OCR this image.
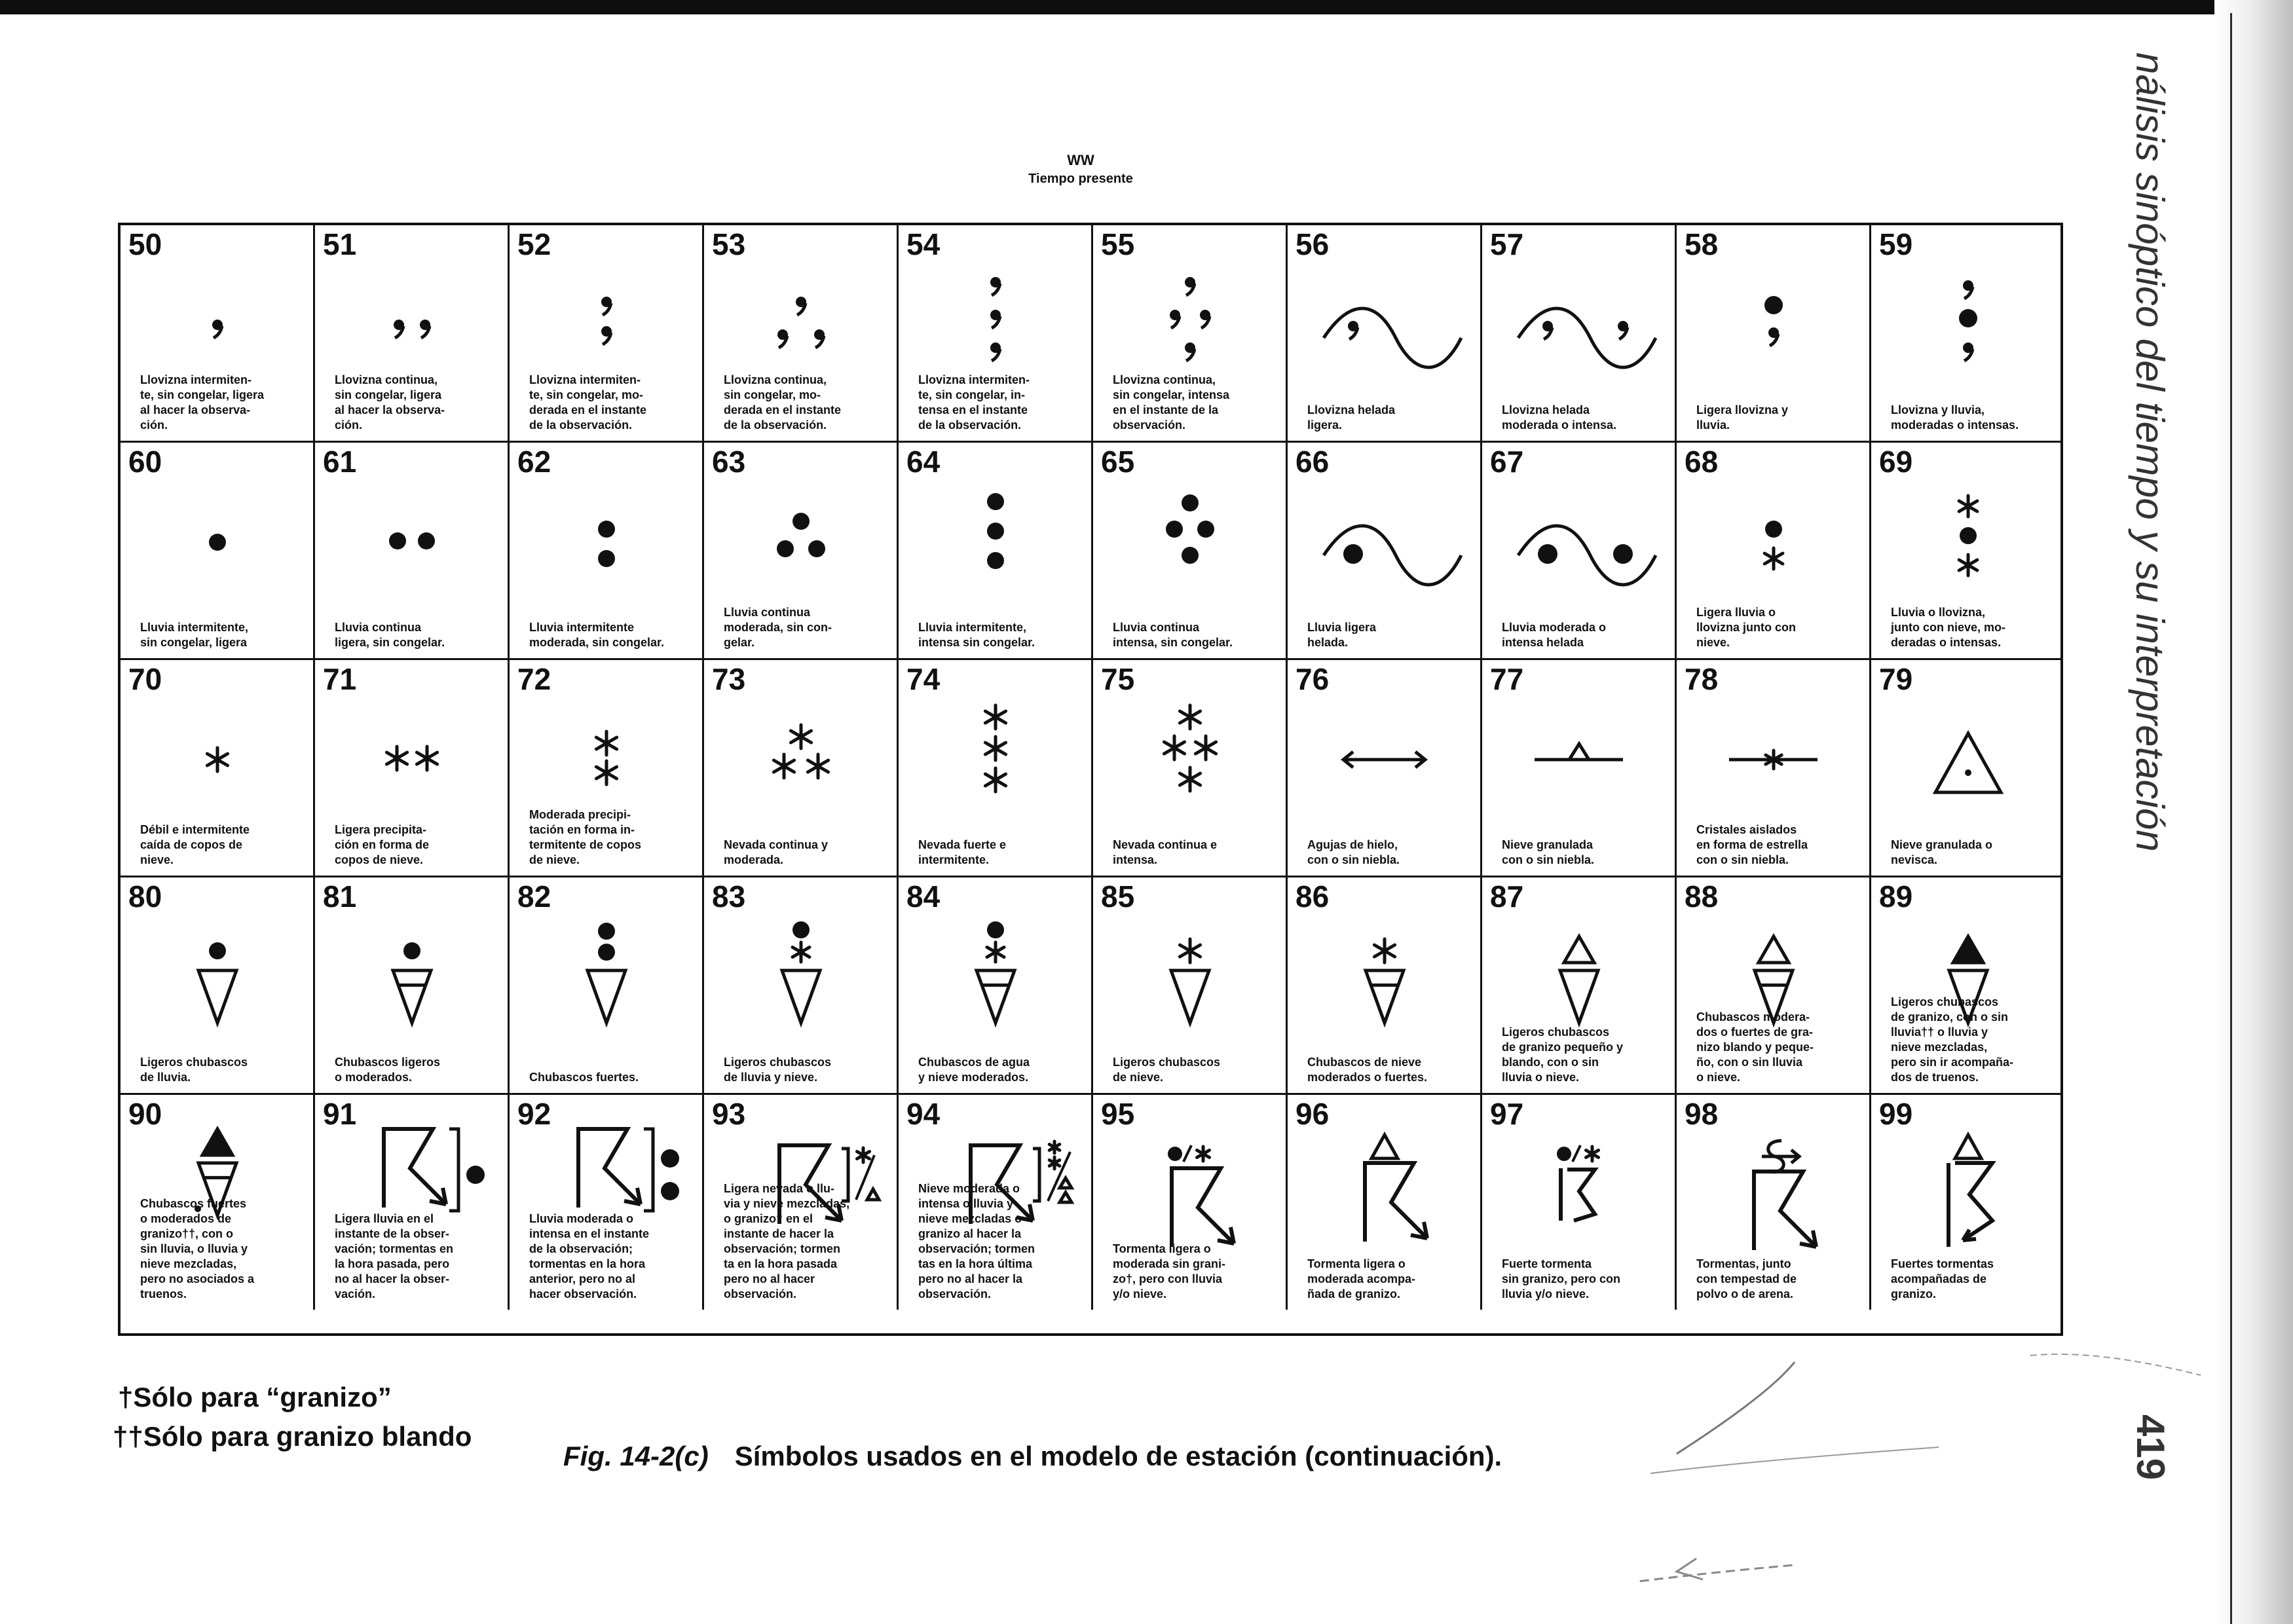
WW
Tiempo presente
50
Llovizna intermiten-
te, sin congelar, ligera
al hacer la observa-
ción.
51
Llovizna continua,
sin congelar, ligera
al hacer la observa-
ción.
52
Llovizna intermiten-
te, sin congelar, mo-
derada en el instante
de la observación.
53
Llovizna continua,
sin congelar, mo-
derada en el instante
de la observación.
54
Llovizna intermiten-
te, sin congelar, in-
tensa en el instante
de la observación.
55
Llovizna continua,
sin congelar, intensa
en el instante de la
observación.
56
Llovizna helada
ligera.
57
Llovizna helada
moderada o intensa.
58
Ligera llovizna y
lluvia.
59
Llovizna y lluvia,
moderadas o intensas.
60
Lluvia intermitente,
sin congelar, ligera
61
Lluvia continua
ligera, sin congelar.
62
Lluvia intermitente
moderada, sin congelar.
63
Lluvia continua
moderada, sin con-
gelar.
64
Lluvia intermitente,
intensa sin congelar.
65
Lluvia continua
intensa, sin congelar.
66
Lluvia ligera
helada.
67
Lluvia moderada o
intensa helada
68
Ligera lluvia o
llovizna junto con
nieve.
69
Lluvia o llovizna,
junto con nieve, mo-
deradas o intensas.
70
Débil e intermitente
caída de copos de
nieve.
71
Ligera precipita-
ción en forma de
copos de nieve.
72
Moderada precipi-
tación en forma in-
termitente de copos
de nieve.
73
Nevada continua y
moderada.
74
Nevada fuerte e
intermitente.
75
Nevada continua e
intensa.
76
Agujas de hielo,
con o sin niebla.
77
Nieve granulada
con o sin niebla.
78
Cristales aislados
en forma de estrella
con o sin niebla.
79
Nieve granulada o
nevisca.
80
Ligeros chubascos
de lluvia.
81
Chubascos ligeros
o moderados.
82
Chubascos fuertes.
83
Ligeros chubascos
de lluvia y nieve.
84
Chubascos de agua
y nieve moderados.
85
Ligeros chubascos
de nieve.
86
Chubascos de nieve
moderados o fuertes.
87
Ligeros chubascos
de granizo pequeño y
blando, con o sin
lluvia o nieve.
88
Chubascos modera-
dos o fuertes de gra-
nizo blando y peque-
ño, con o sin lluvia
o nieve.
89
Ligeros chubascos
de granizo, con o sin
lluvia†† o lluvia y
nieve mezcladas,
pero sin ir acompaña-
dos de truenos.
90
Chubascos fuertes
o moderados de
granizo††, con o
sin lluvia, o lluvia y
nieve mezcladas,
pero no asociados a
truenos.
91
Ligera lluvia en el
instante de la obser-
vación; tormentas en
la hora pasada, pero
no al hacer la obser-
vación.
92
Lluvia moderada o
intensa en el instante
de la observación;
tormentas en la hora
anterior, pero no al
hacer observación.
93
Ligera nevada o llu-
via y nieve mezcladas,
o granizo† en el
instante de hacer la
observación; tormen
ta en la hora pasada
pero no al hacer
observación.
94
Nieve moderada o
intensa o lluvia y
nieve mezcladas o
granizo al hacer la
observación; tormen
tas en la hora última
pero no al hacer la
observación.
95
Tormenta ligera o
moderada sin grani-
zo†, pero con lluvia
y/o nieve.
96
Tormenta ligera o
moderada acompa-
ñada de granizo.
97
Fuerte tormenta
sin granizo, pero con
lluvia y/o nieve.
98
Tormentas, junto
con tempestad de
polvo o de arena.
99
Fuertes tormentas
acompañadas de
granizo.
†Sólo para “granizo”
††Sólo para granizo blando
Fig. 14-2(c) Símbolos usados en el modelo de estación (continuación).
nálisis sinóptico del tiempo y su interpretación
419
